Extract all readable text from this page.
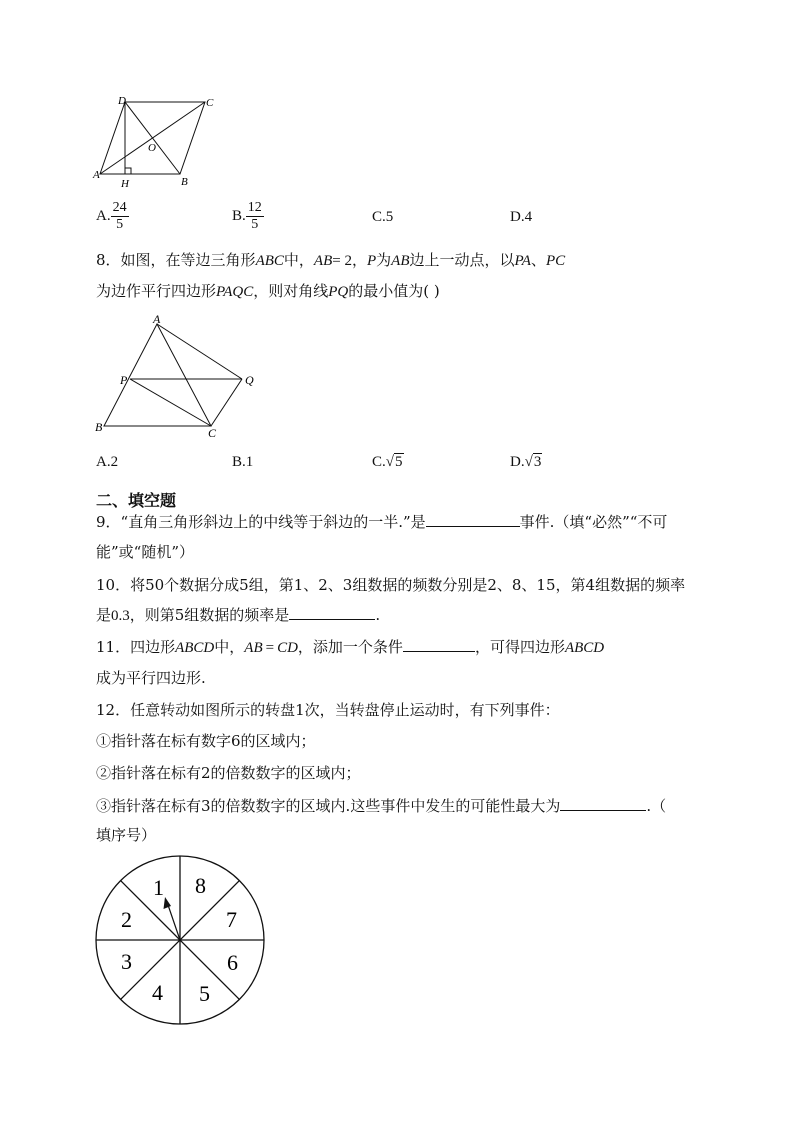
D	C
O
A
H	B
A. $\frac{24}{5}$	B. $\frac{12}{5}$	C.5	D.4
8．如图，在等边三角形ABC中，AB= 2，P为AB边上一动点，以PA、PC
为边作平行四边形PAQC，则对角线PQ的最小值为( )
A
P	Q
B	C
A.2	B.1	C.√5	D.√3
二、填空题
9．“直角三角形斜边上的中线等于斜边的一半.”是	事件.（填“必然”“不可
能”或“随机”）
10．将50个数据分成5组，第1、2、3组数据的频数分别是2、8、15，第4组数据的频率
是0.3，则第5组数据的频率是	.
11．四边形ABCD中，AB = CD，添加一个条件	，可得四边形ABCD
成为平行四边形.
12．任意转动如图所示的转盘1次，当转盘停止运动时，有下列事件：
①指针落在标有数字6的区域内；
②指针落在标有2的倍数数字的区域内；
③指针落在标有3的倍数数字的区域内.这些事件中发生的可能性最大为	.（
填序号）
1 8
7
6
5
4
3
2
